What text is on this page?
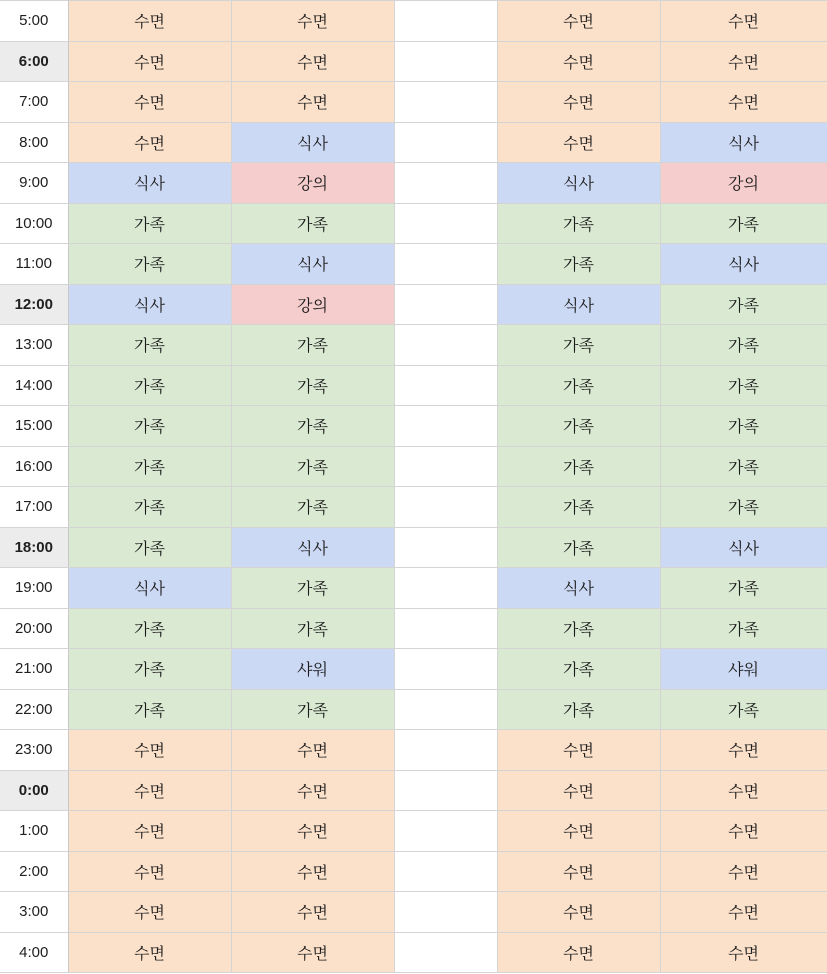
5:00	수면	수면		수면	수면
6:00	수면	수면		수면	수면
7:00	수면	수면		수면	수면
8:00	수면	식사		수면	식사
9:00	식사	강의		식사	강의
10:00	가족	가족		가족	가족
11:00	가족	식사		가족	식사
12:00	식사	강의		식사	가족
13:00	가족	가족		가족	가족
14:00	가족	가족		가족	가족
15:00	가족	가족		가족	가족
16:00	가족	가족		가족	가족
17:00	가족	가족		가족	가족
18:00	가족	식사		가족	식사
19:00	식사	가족		식사	가족
20:00	가족	가족		가족	가족
21:00	가족	샤워		가족	샤워
22:00	가족	가족		가족	가족
23:00	수면	수면		수면	수면
0:00	수면	수면		수면	수면
1:00	수면	수면		수면	수면
2:00	수면	수면		수면	수면
3:00	수면	수면		수면	수면
4:00	수면	수면		수면	수면
